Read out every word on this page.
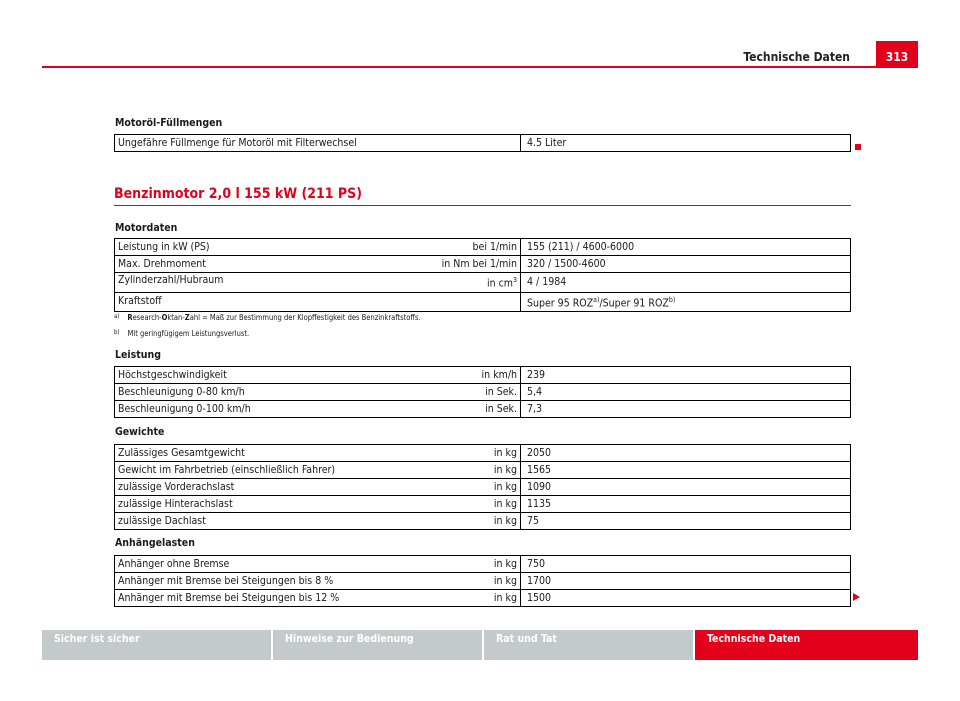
Technische Daten	313
Motoröl-Füllmengen
Ungefähre Füllmenge für Motoröl mit Filterwechsel	4.5 Liter
Benzinmotor 2,0 l 155 kW (211 PS)
Motordaten
Leistung in kW (PS) bei 1/min	155 (211) / 4600-6000

Max. Drehmoment in Nm bei 1/min	320 / 1500-4600

Zylinderzahl/Hubraum in $cm^3$	4 / 1984
Kraftstoff	Super 95 ROZ$^{a)}$/Super 91 ROZ$^{b)}$
$^{a)}$ Research-Oktan-Zahl = Maß zur Bestimmung der Klopffestigkeit des Benzinkraftstoffs.
$^{b)}$ Mit geringfügigem Leistungsverlust.
Leistung
Höchstgeschwindigkeit in km/h	239

Beschleunigung 0-80 km/h in Sek.	5,4

Beschleunigung 0-100 km/h in Sek.	7,3
Gewichte
Zulässiges Gesamtgewicht in kg	2050

Gewicht im Fahrbetrieb (einschließlich Fahrer) in kg	1565

zulässige Vorderachslast in kg	1090

zulässige Hinterachslast in kg	1135

zulässige Dachlast in kg	75
Anhängelasten
Anhänger ohne Bremse in kg	750

Anhänger mit Bremse bei Steigungen bis 8 % in kg	1700

Anhänger mit Bremse bei Steigungen bis 12 % in kg	1500
Sicher ist sicher	Hinweise zur Bedienung	Rat und Tat	Technische Daten
